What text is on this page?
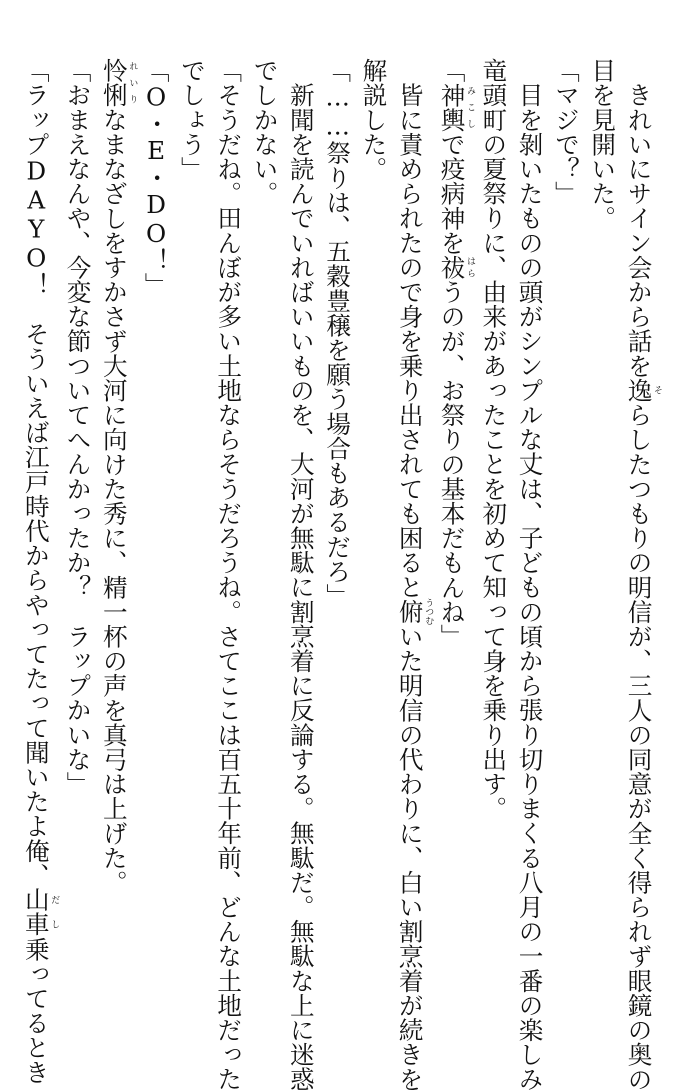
　きれいにサイン会から話を逸そらしたつもりの明信が、三人の同意が全く得られず眼鏡の奥の
目を見開いた。
「マジで？」
　目を剝いたものの頭がシンプルな丈は、子どもの頃から張り切りまくる八月の一番の楽しみ
竜頭町の夏祭りに、由来があったことを初めて知って身を乗り出す。
「神輿みこしで疫病神を祓はらうのが、お祭りの基本だもんね」
　皆に責められたので身を乗り出されても困ると俯うつむいた明信の代わりに、白い割烹着が続きを
解説した。
「……祭りは、五穀豊穣を願う場合もあるだろ」
　新聞を読んでいればいいものを、大河が無駄に割烹着に反論する。無駄だ。無駄な上に迷惑
でしかない。
「そうだね。田んぼが多い土地ならそうだろうね。さてここは百五十年前、どんな土地だった
でしょう」
「O・E・DO！」
怜悧れいりなまなざしをすかさず大河に向けた秀に、精一杯の声を真弓は上げた。
「おまえなんや、今変な節ついてへんかったか？　ラップかいな」
「ラップDAYO！　そういえば江戸時代からやってたって聞いたよ俺、山車だし乗ってるとき
